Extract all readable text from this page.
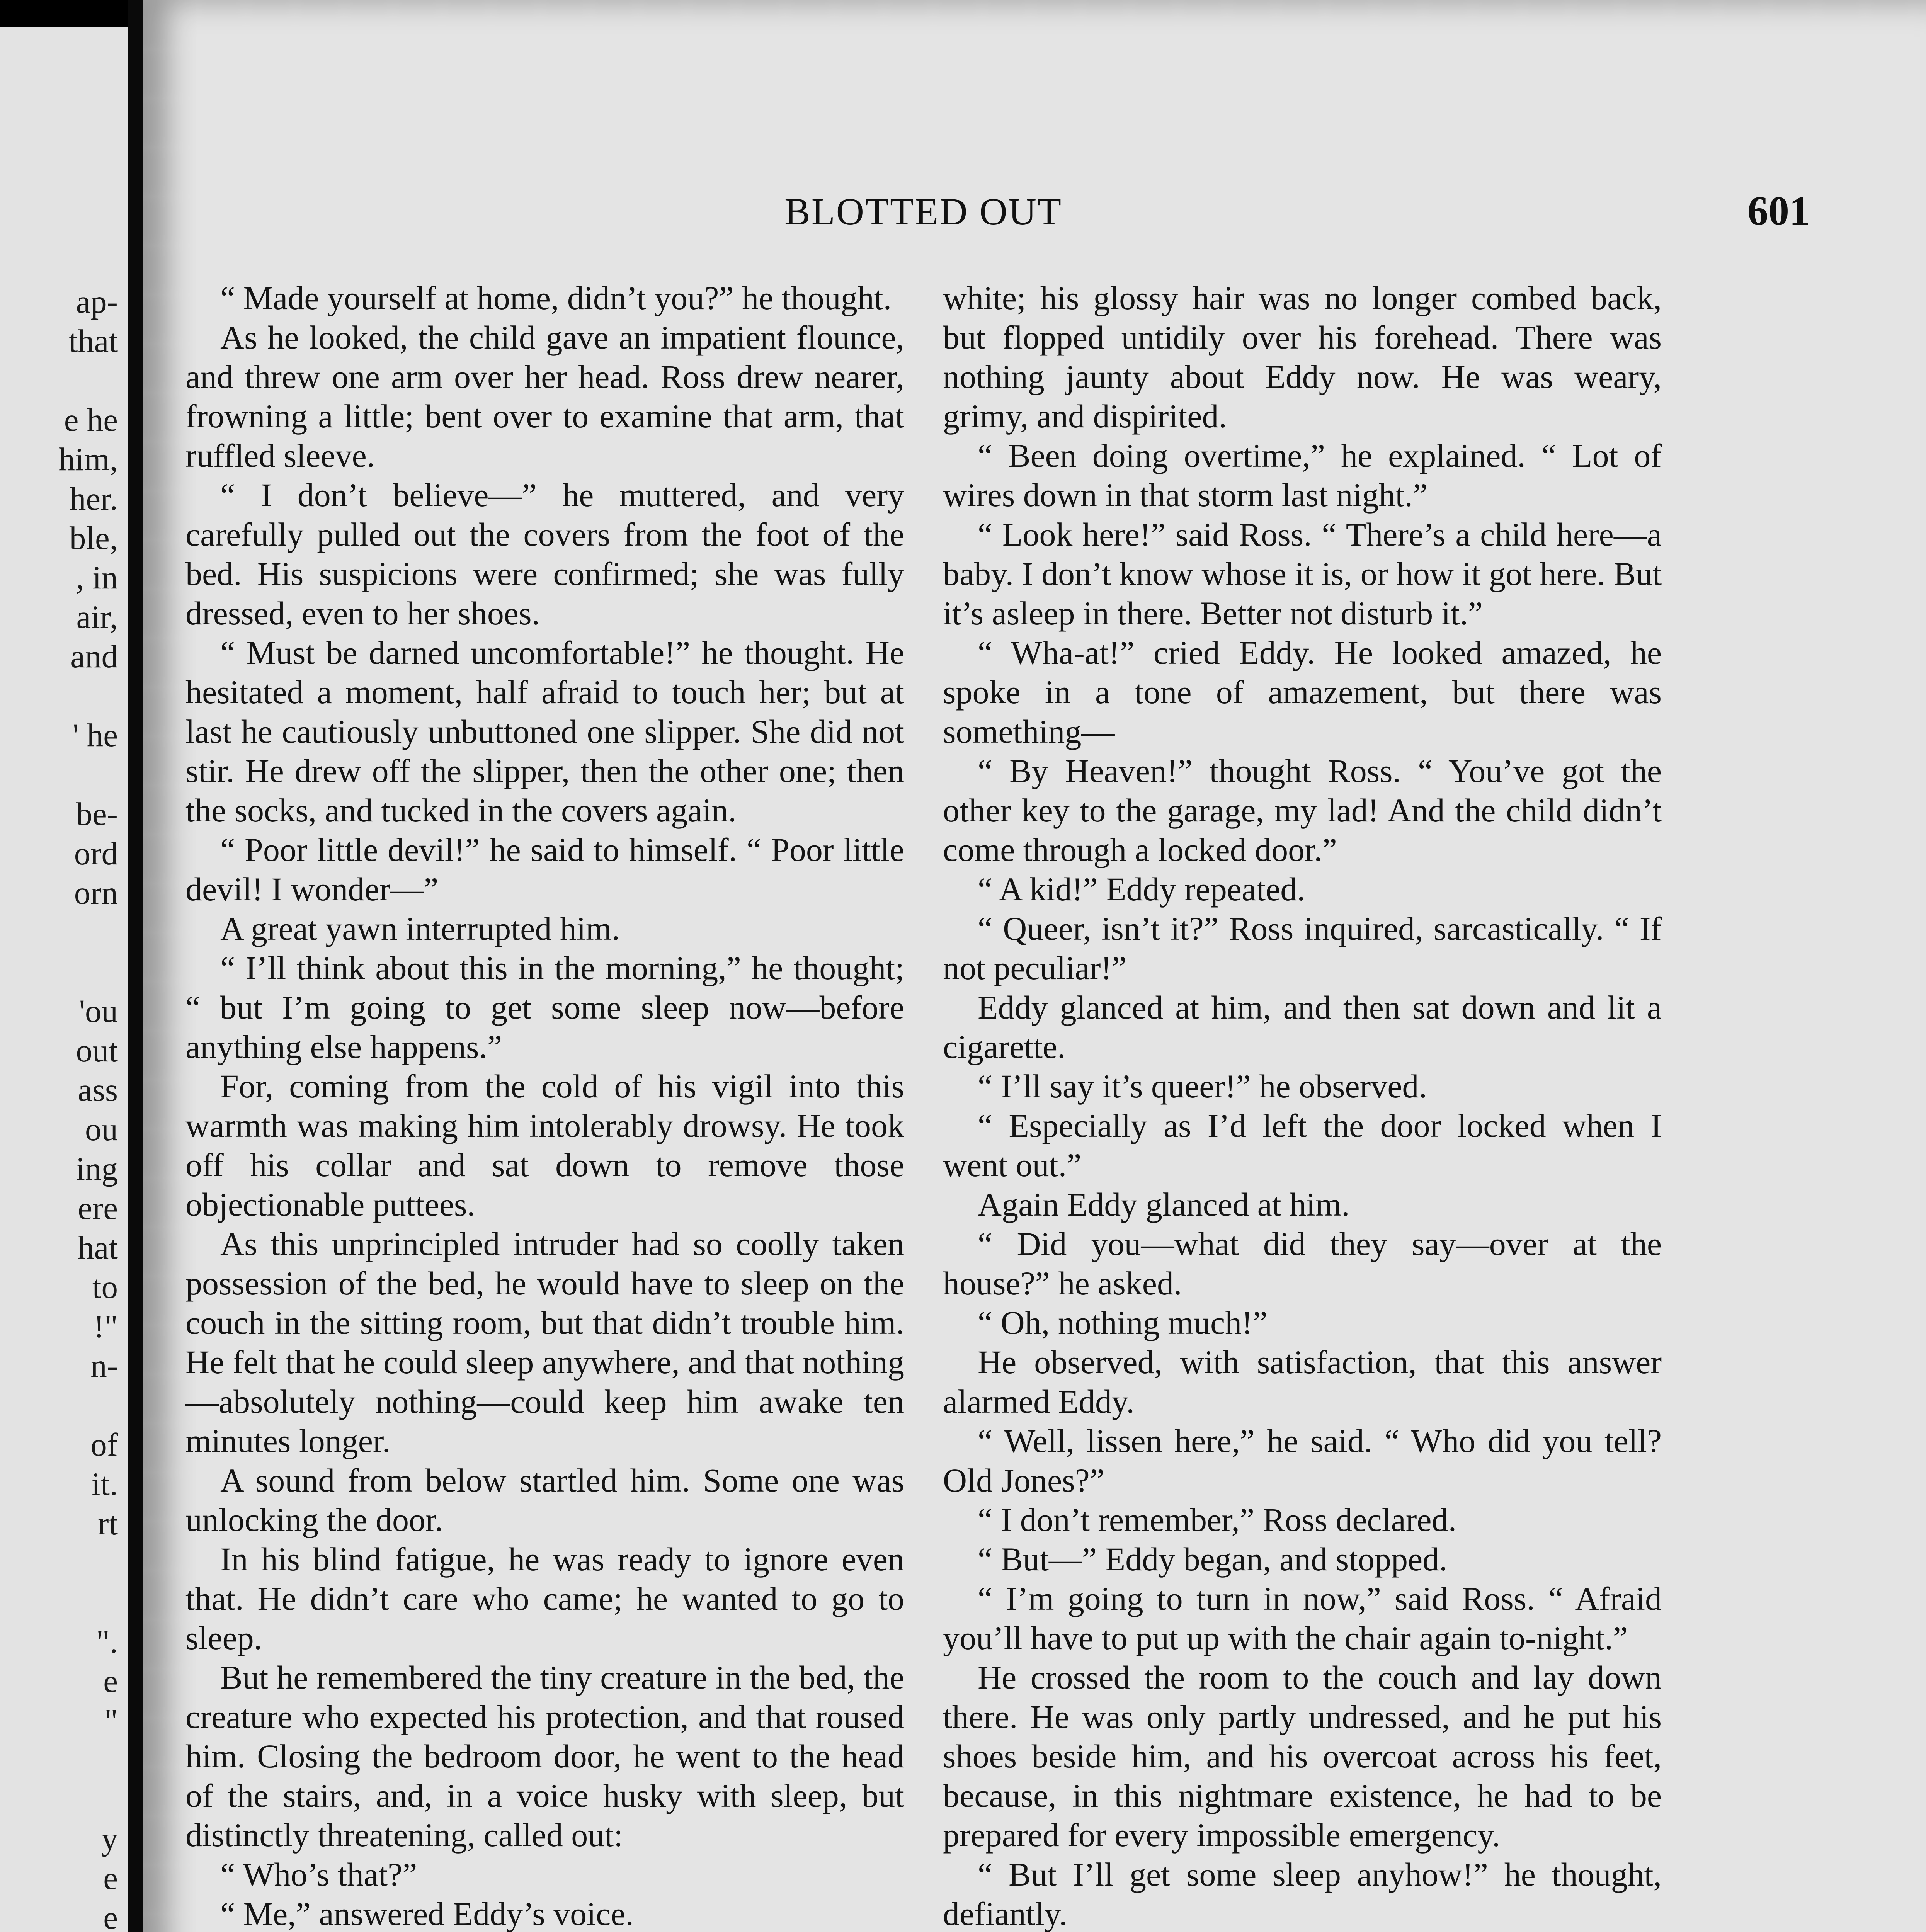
ap-
that
e he
him,
her.
ble,
, in
air,
and
' he
be-
ord
orn
'ou
out
ass
ou
ing
ere
hat
to
!"
n-
of
it.
rt
".
e
"
y
e
e
BLOTTED OUT	601

“ Made yourself at home, didn’t you?” he thought.

As he looked, the child gave an impatient flounce, and threw one arm over her head. Ross drew nearer, frowning a little; bent over to examine that arm, that ruffled sleeve.

“ I don’t believe—” he muttered, and very carefully pulled out the covers from the foot of the bed. His suspicions were confirmed; she was fully dressed, even to her shoes.

“ Must be darned uncomfortable!” he thought. He hesitated a moment, half afraid to touch her; but at last he cautiously unbuttoned one slipper. She did not stir. He drew off the slipper, then the other one; then the socks, and tucked in the covers again.

“ Poor little devil!” he said to himself. “ Poor little devil! I wonder—”

A great yawn interrupted him.

“ I’ll think about this in the morning,” he thought; “ but I’m going to get some sleep now—before anything else happens.”

For, coming from the cold of his vigil into this warmth was making him intolerably drowsy. He took off his collar and sat down to remove those objectionable puttees.

As this unprincipled intruder had so coolly taken possession of the bed, he would have to sleep on the couch in the sitting room, but that didn’t trouble him. He felt that he could sleep anywhere, and that nothing—absolutely nothing—could keep him awake ten minutes longer.

A sound from below startled him. Some one was unlocking the door.

In his blind fatigue, he was ready to ignore even that. He didn’t care who came; he wanted to go to sleep.

But he remembered the tiny creature in the bed, the creature who expected his protection, and that roused him. Closing the bedroom door, he went to the head of the stairs, and, in a voice husky with sleep, but distinctly threatening, called out:

“ Who’s that?”

“ Me,” answered Eddy’s voice.

white; his glossy hair was no longer combed back, but flopped untidily over his forehead. There was nothing jaunty about Eddy now. He was weary, grimy, and dispirited.

“ Been doing overtime,” he explained. “ Lot of wires down in that storm last night.”

“ Look here!” said Ross. “ There’s a child here—a baby. I don’t know whose it is, or how it got here. But it’s asleep in there. Better not disturb it.”

“ Wha-at!” cried Eddy. He looked amazed, he spoke in a tone of amazement, but there was something—

“ By Heaven!” thought Ross. “ You’ve got the other key to the garage, my lad! And the child didn’t come through a locked door.”

“ A kid!” Eddy repeated.

“ Queer, isn’t it?” Ross inquired, sarcastically. “ If not peculiar!”

Eddy glanced at him, and then sat down and lit a cigarette.

“ I’ll say it’s queer!” he observed.

“ Especially as I’d left the door locked when I went out.”

Again Eddy glanced at him.

“ Did you—what did they say—over at the house?” he asked.

“ Oh, nothing much!”

He observed, with satisfaction, that this answer alarmed Eddy.

“ Well, lissen here,” he said. “ Who did you tell? Old Jones?”

“ I don’t remember,” Ross declared.

“ But—” Eddy began, and stopped.

“ I’m going to turn in now,” said Ross. “ Afraid you’ll have to put up with the chair again to-night.”

He crossed the room to the couch and lay down there. He was only partly undressed, and he put his shoes beside him, and his overcoat across his feet, because, in this nightmare existence, he had to be prepared for every impossible emergency.

“ But I’ll get some sleep anyhow!” he thought, defiantly.
